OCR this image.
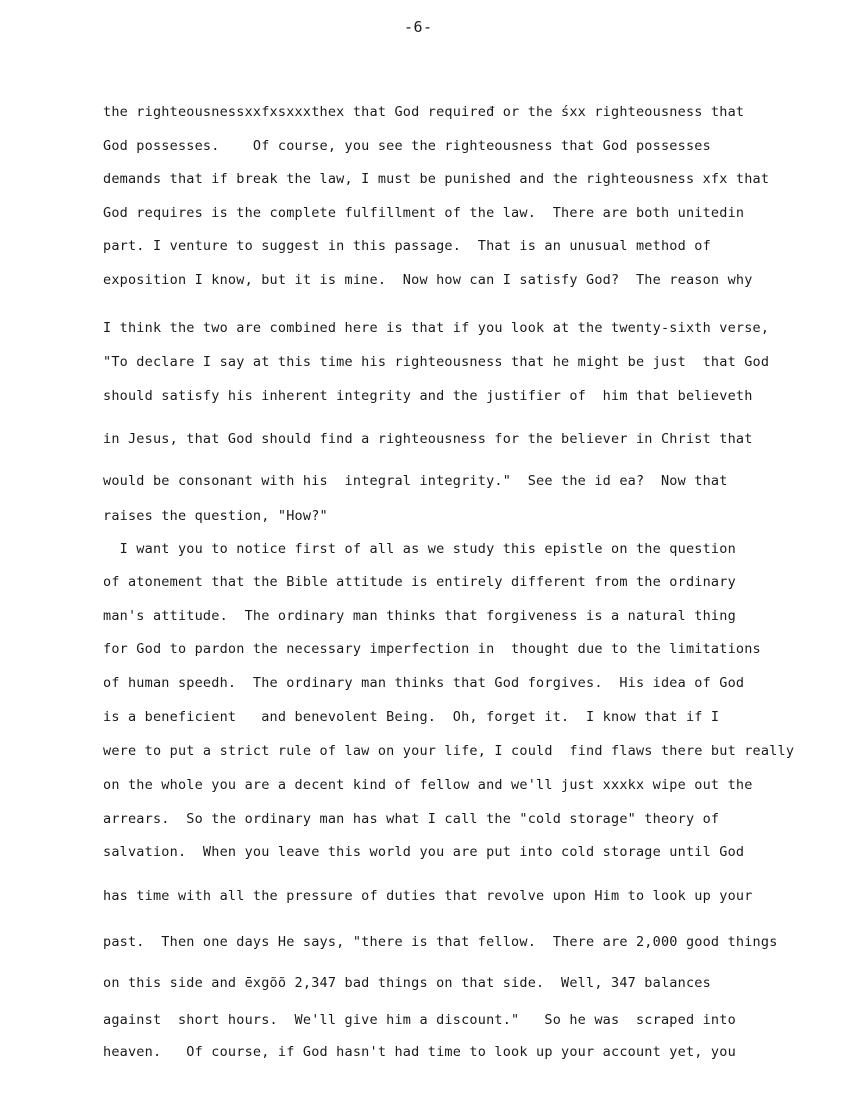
-6-
the righteousnessxxfxsxxxthex that God requiređ or the śxx righteousness that
God possesses.    Of course, you see the righteousness that God possesses
demands that if break the law, I must be punished and the righteousness xfx that
God requires is the complete fulfillment of the law.  There are both unitedin
part. I venture to suggest in this passage.  That is an unusual method of
exposition I know, but it is mine.  Now how can I satisfy God?  The reason why
I think the two are combined here is that if you look at the twenty-sixth verse,
"To declare I say at this time his righteousness that he might be just  that God
should satisfy his inherent integrity and the justifier of  him that believeth
in Jesus, that God should find a righteousness for the believer in Christ that
would be consonant with his  integral integrity."  See the id ea?  Now that
raises the question, "How?"
I want you to notice first of all as we study this epistle on the question
of atonement that the Bible attitude is entirely different from the ordinary
man's attitude.  The ordinary man thinks that forgiveness is a natural thing
for God to pardon the necessary imperfection in  thought due to the limitations
of human speedh.  The ordinary man thinks that God forgives.  His idea of God
is a beneficient   and benevolent Being.  Oh, forget it.  I know that if I
were to put a strict rule of law on your life, I could  find flaws there but really
on the whole you are a decent kind of fellow and we'll just xxxkx wipe out the
arrears.  So the ordinary man has what I call the "cold storage" theory of
salvation.  When you leave this world you are put into cold storage until God
has time with all the pressure of duties that revolve upon Him to look up your
past.  Then one days He says, "there is that fellow.  There are 2,000 good things
on this side and ēxgõõ 2,347 bad things on that side.  Well, 347 balances
against  short hours.  We'll give him a discount."   So he was  scraped into
heaven.   Of course, if God hasn't had time to look up your account yet, you
